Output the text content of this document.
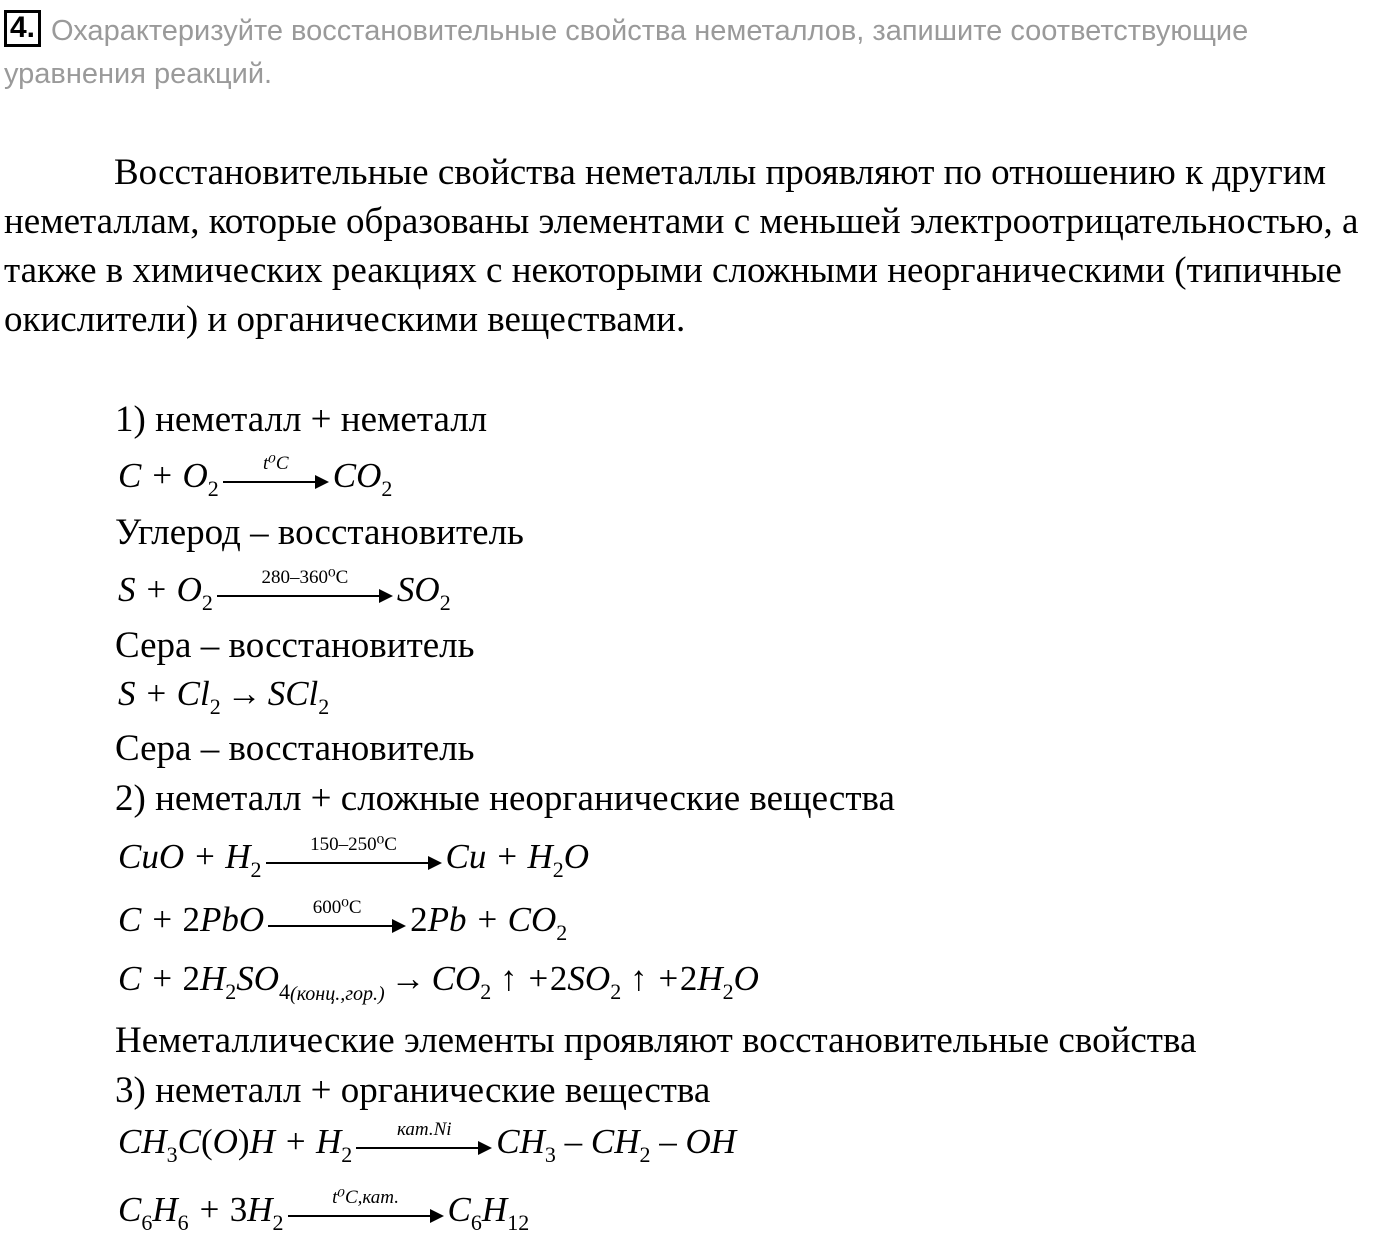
4. Охарактеризуйте восстановительные свойства неметаллов, запишите соответствующие уравнения реакций.

Восстановительные свойства неметаллы проявляют по отношению к другим неметаллам, которые образованы элементами с меньшей электроотрицательностью, а также в химических реакциях с некоторыми сложными неорганическими (типичные окислители) и органическими веществами.

1) неметалл + неметалл
$C + O_2$
t⁰C	$CO_2$
Углерод – восстановитель
$S + O_2$
280–360⁰C	$SO_2$
Сера – восстановитель
$S + Cl_2 \to SCl_2$
Сера – восстановитель
2) неметалл + сложные неорганические вещества
CuO + $H_2$
150–250⁰C	$Cu + H_2O$
C + 2PbO	600⁰C	$2Pb + CO_2$
$C + 2H_2SO_{4(конц.,гор.)} \to CO_2$ ↑ $+2SO_2$ ↑ $+2H_2O$
Неметаллические элементы проявляют восстановительные свойства
3) неметалл + органические вещества
$CH_3C(O)H + H_2$
кат.Ni	$CH_3 - CH_2$ – OH
$C_6H_6 + 3H_2$
t⁰C,кат.	$C_6H_{12}$
